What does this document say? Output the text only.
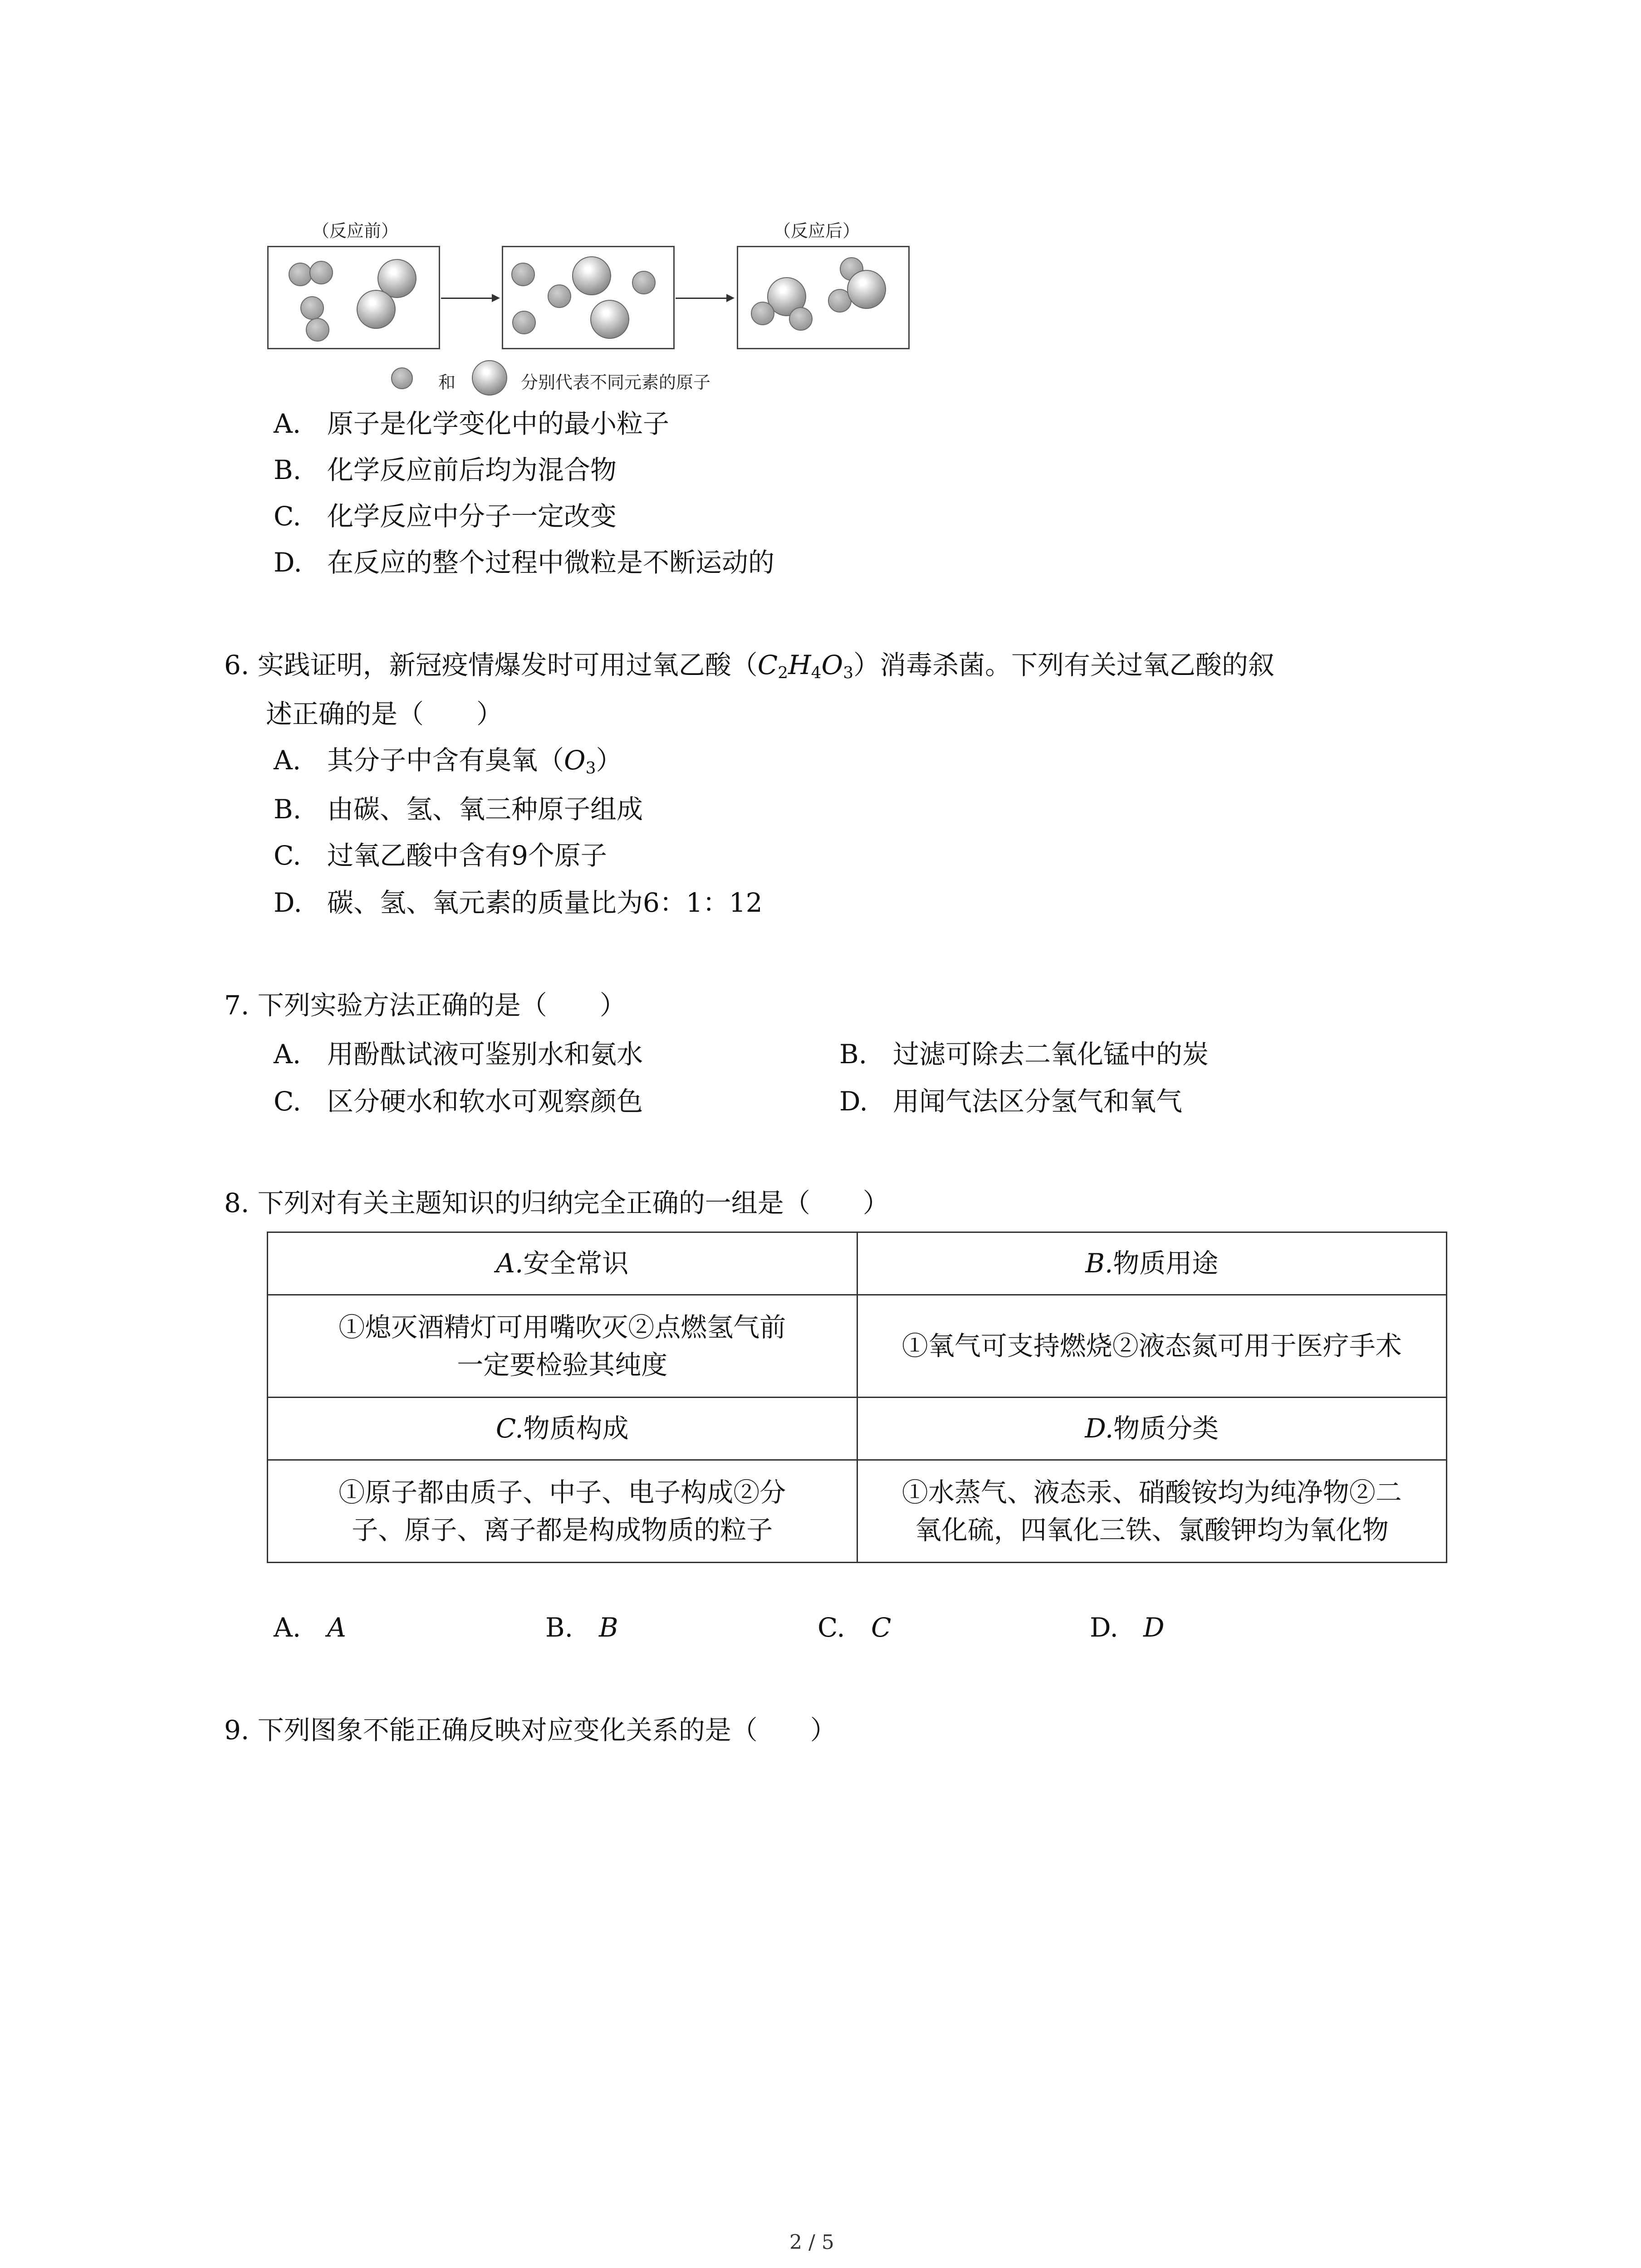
（反应前）	（反应后）
和	分别代表不同元素的原子
A. 原子是化学变化中的最小粒子
B. 化学反应前后均为混合物
C. 化学反应中分子一定改变
D. 在反应的整个过程中微粒是不断运动的
6. 实践证明，新冠疫情爆发时可用过氧乙酸$(C_2H_4O_3)$消毒杀菌。下列有关过氧乙酸的叙
述正确的是（　　）
A. 其分子中含有臭氧$(O_3)$
B. 由碳、氢、氧三种原子组成
C. 过氧乙酸中含有9个原子
D. 碳、氢、氧元素的质量比为6：1：12
7. 下列实验方法正确的是（　　）
A. 用酚酞试液可鉴别水和氨水	B. 过滤可除去二氧化锰中的炭
C. 区分硬水和软水可观察颜色	D. 用闻气法区分氢气和氧气
8. 下列对有关主题知识的归纳完全正确的一组是（　　）
A.安全常识	B.物质用途
①熄灭酒精灯可用嘴吹灭②点燃氢气前
一定要检验其纯度	①氧气可支持燃烧②液态氮可用于医疗手术
C.物质构成	D.物质分类
①原子都由质子、中子、电子构成②分
子、原子、离子都是构成物质的粒子	①水蒸气、液态汞、硝酸铵均为纯净物②二
氧化硫，四氧化三铁、氯酸钾均为氧化物
A. A	B. B	C. C	D. D
9. 下列图象不能正确反映对应变化关系的是（　　）
2 / 5
